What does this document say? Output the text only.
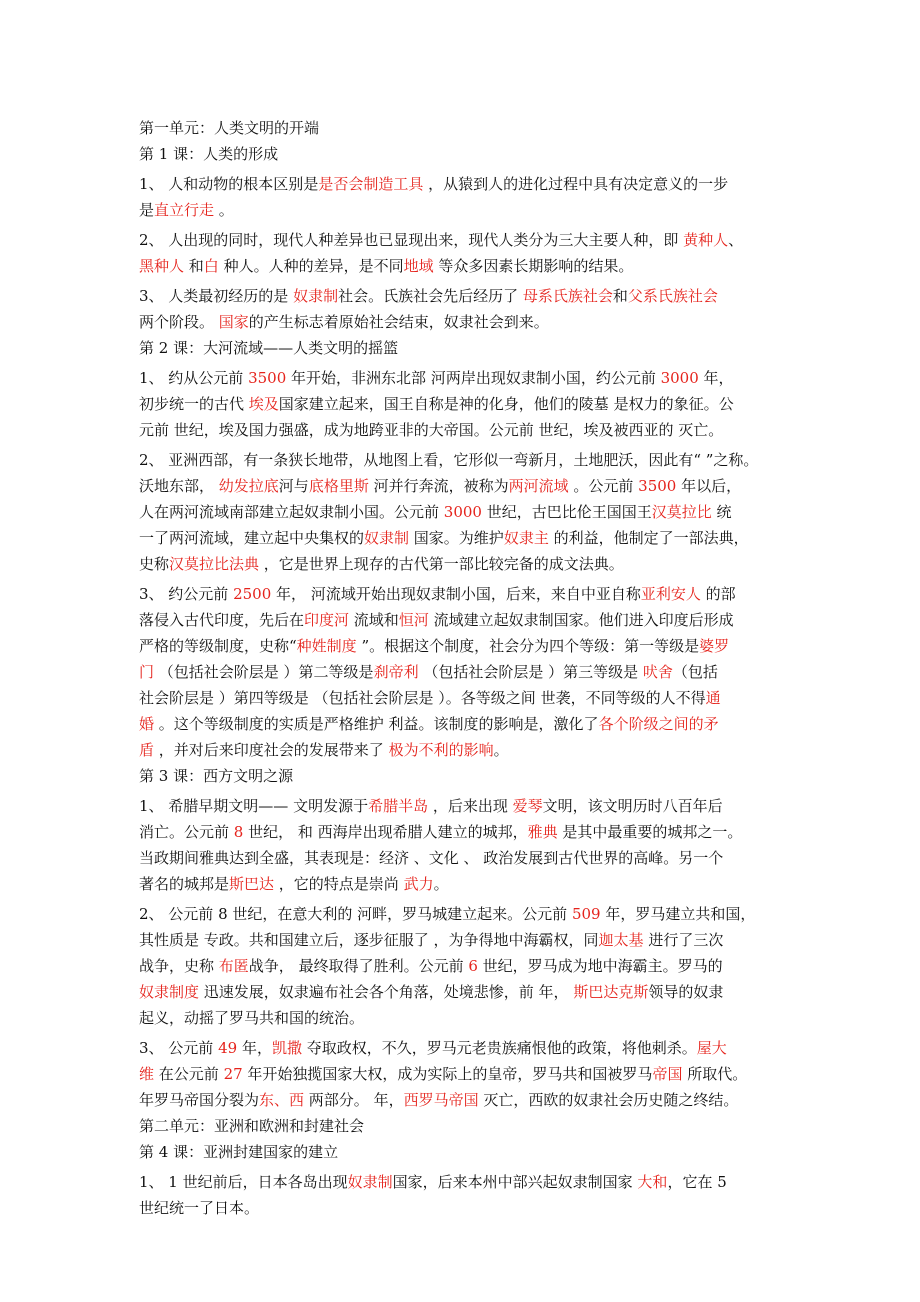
第一单元：人类文明的开端
第 1 课：人类的形成
1、 人和动物的根本区别是是否会制造工具 ，从猿到人的进化过程中具有决定意义的一步
是直立行走 。
2、 人出现的同时，现代人种差异也已显现出来，现代人类分为三大主要人种，即 黄种人、
黑种人 和白 种人。人种的差异，是不同地域 等众多因素长期影响的结果。
3、 人类最初经历的是 奴隶制社会。氏族社会先后经历了 母系氏族社会和父系氏族社会
两个阶段。 国家的产生标志着原始社会结束，奴隶社会到来。
第 2 课：大河流域——人类文明的摇篮
1、 约从公元前 3500 年开始，非洲东北部 河两岸出现奴隶制小国，约公元前 3000 年，
初步统一的古代 埃及国家建立起来，国王自称是神的化身，他们的陵墓 是权力的象征。公
元前 世纪，埃及国力强盛，成为地跨亚非的大帝国。公元前 世纪，埃及被西亚的 灭亡。
2、 亚洲西部，有一条狭长地带，从地图上看，它形似一弯新月，土地肥沃，因此有“ ”之称。
沃地东部， 幼发拉底河与底格里斯 河并行奔流，被称为两河流域 。公元前 3500 年以后，
人在两河流域南部建立起奴隶制小国。公元前 3000 世纪，古巴比伦王国国王汉莫拉比 统
一了两河流域，建立起中央集权的奴隶制 国家。为维护奴隶主 的利益，他制定了一部法典，
史称汉莫拉比法典 ，它是世界上现存的古代第一部比较完备的成文法典。
3、 约公元前 2500 年， 河流域开始出现奴隶制小国，后来，来自中亚自称亚利安人 的部
落侵入古代印度，先后在印度河 流域和恒河 流域建立起奴隶制国家。他们进入印度后形成
严格的等级制度，史称“种姓制度 ”。根据这个制度，社会分为四个等级：第一等级是婆罗
门 （包括社会阶层是 ）第二等级是刹帝利 （包括社会阶层是 ）第三等级是 吠舍（包括
社会阶层是 ）第四等级是 （包括社会阶层是 ）。各等级之间 世袭，不同等级的人不得通
婚 。这个等级制度的实质是严格维护 利益。该制度的影响是，激化了各个阶级之间的矛
盾 ，并对后来印度社会的发展带来了 极为不利的影响。
第 3 课：西方文明之源
1、 希腊早期文明—— 文明发源于希腊半岛 ，后来出现 爱琴文明，该文明历时八百年后
消亡。公元前 8 世纪， 和 西海岸出现希腊人建立的城邦，雅典 是其中最重要的城邦之一。
当政期间雅典达到全盛，其表现是：经济 、文化 、 政治发展到古代世界的高峰。另一个
著名的城邦是斯巴达 ，它的特点是崇尚 武力。
2、 公元前 8 世纪，在意大利的 河畔，罗马城建立起来。公元前 509 年，罗马建立共和国，
其性质是 专政。共和国建立后，逐步征服了 ，为争得地中海霸权，同迦太基 进行了三次
战争，史称 布匿战争， 最终取得了胜利。公元前 6 世纪，罗马成为地中海霸主。罗马的
奴隶制度 迅速发展，奴隶遍布社会各个角落，处境悲惨，前 年， 斯巴达克斯领导的奴隶
起义，动摇了罗马共和国的统治。
3、 公元前 49 年，凯撒 夺取政权，不久，罗马元老贵族痛恨他的政策，将他刺杀。屋大
维 在公元前 27 年开始独揽国家大权，成为实际上的皇帝，罗马共和国被罗马帝国 所取代。
年罗马帝国分裂为东、西 两部分。 年，西罗马帝国 灭亡，西欧的奴隶社会历史随之终结。
第二单元：亚洲和欧洲和封建社会
第 4 课：亚洲封建国家的建立
1、 1 世纪前后，日本各岛出现奴隶制国家，后来本州中部兴起奴隶制国家 大和，它在 5
世纪统一了日本。
